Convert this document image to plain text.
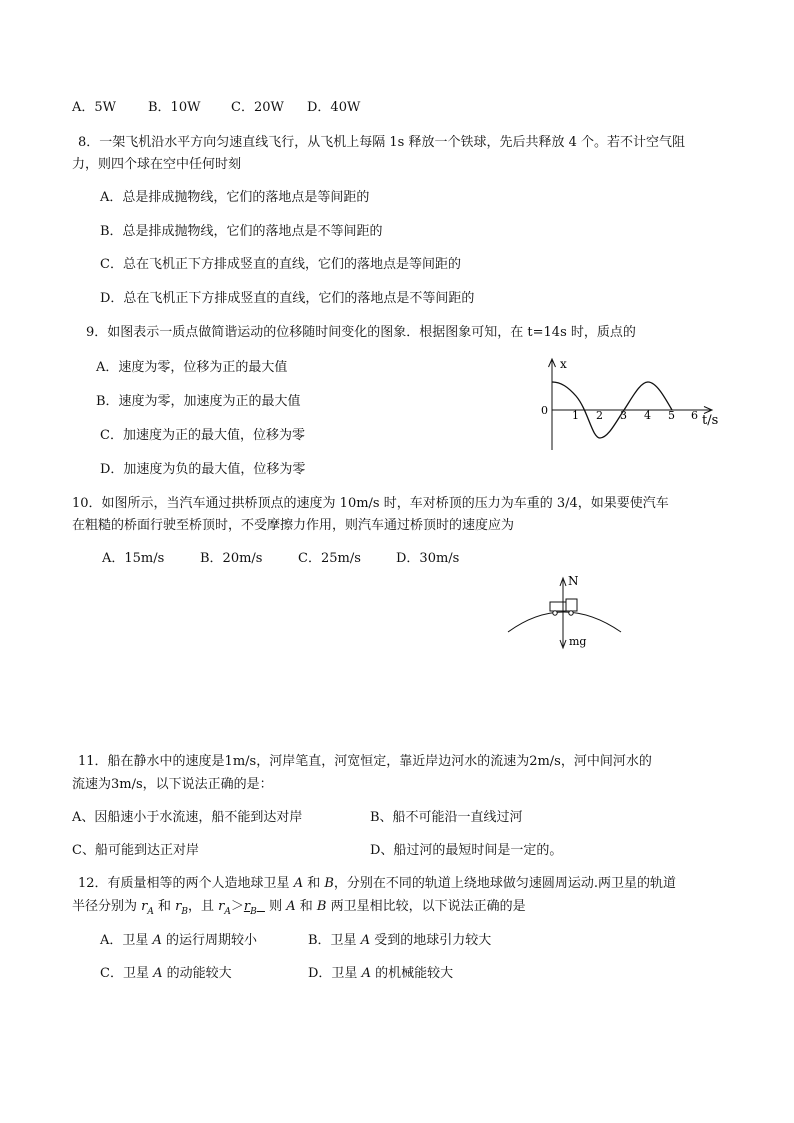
A．5W B．10W C．20W D．40W
8．一架飞机沿水平方向匀速直线飞行，从飞机上每隔 1s 释放一个铁球，先后共释放 4 个。若不计空气阻
力，则四个球在空中任何时刻
A．总是排成抛物线，它们的落地点是等间距的
B．总是排成抛物线，它们的落地点是不等间距的
C．总在飞机正下方排成竖直的直线，它们的落地点是等间距的
D．总在飞机正下方排成竖直的直线，它们的落地点是不等间距的
9．如图表示一质点做简谐运动的位移随时间变化的图象．根据图象可知，在 t=14s 时，质点的
A．速度为零，位移为正的最大值
B．速度为零，加速度为正的最大值
C．加速度为正的最大值，位移为零
D．加速度为负的最大值，位移为零
x
0
t/s
1 2 3 4 5 6
10．如图所示，当汽车通过拱桥顶点的速度为 10m/s 时，车对桥顶的压力为车重的 3/4，如果要使汽车
在粗糙的桥面行驶至桥顶时，不受摩擦力作用，则汽车通过桥顶时的速度应为
A．15m/s	B．20m/s	C．25m/s	D．30m/s
N
mg
11．船在静水中的速度是1m/s，河岸笔直，河宽恒定，靠近岸边河水的流速为2m/s，河中间河水的
流速为3m/s，以下说法正确的是：
A、因船速小于水流速，船不能到达对岸	B、船不可能沿一直线过河
C、船可能到达正对岸	D、船过河的最短时间是一定的。
12．有质量相等的两个人造地球卫星 A 和 B，分别在不同的轨道上绕地球做匀速圆周运动.两卫星的轨道
半径分别为 $r_A$ 和 $r_B$，且 $r_A>r_B$   则 A 和 B 两卫星相比较，以下说法正确的是
A．卫星 A 的运行周期较小	B．卫星 A 受到的地球引力较大
C．卫星 A 的动能较大	D．卫星 A 的机械能较大
